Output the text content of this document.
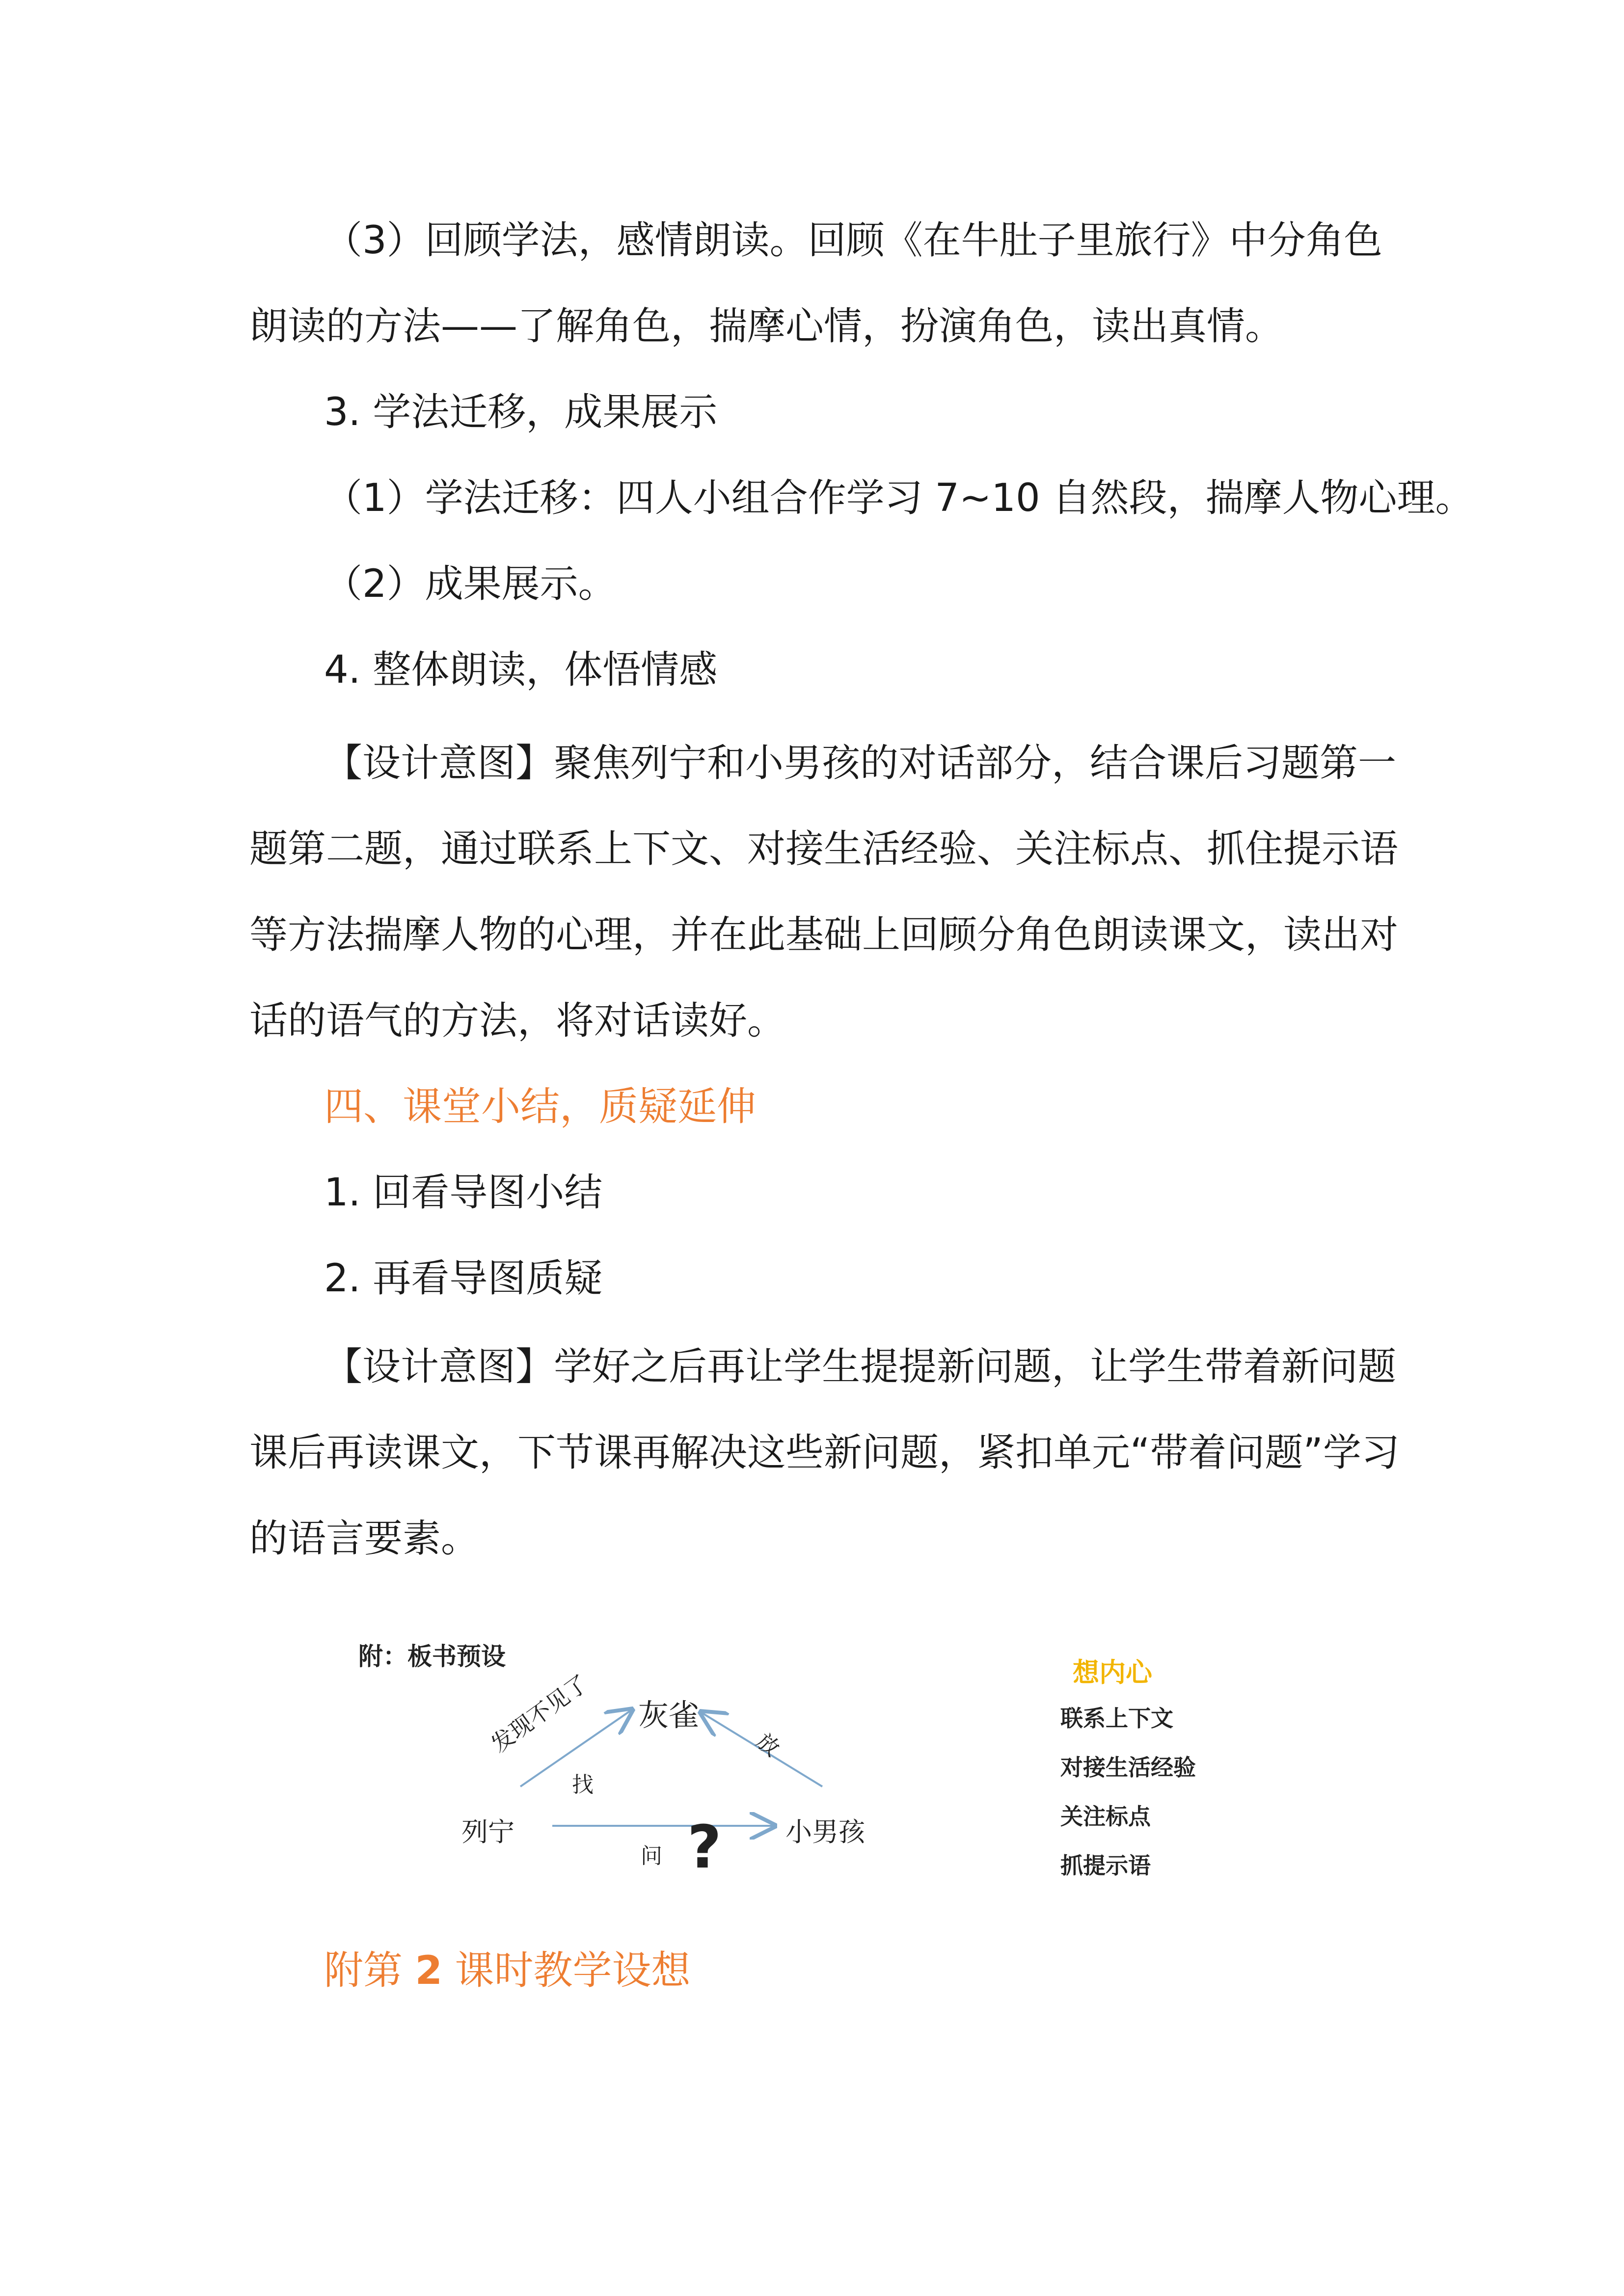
（3）回顾学法，感情朗读。回顾《在牛肚子里旅行》中分角色
朗读的方法——了解角色，揣摩心情，扮演角色，读出真情。
3. 学法迁移，成果展示
（1）学法迁移：四人小组合作学习 7~10 自然段，揣摩人物心理。
（2）成果展示。
4. 整体朗读，体悟情感
【设计意图】聚焦列宁和小男孩的对话部分，结合课后习题第一
题第二题，通过联系上下文、对接生活经验、关注标点、抓住提示语
等方法揣摩人物的心理，并在此基础上回顾分角色朗读课文，读出对
话的语气的方法，将对话读好。
四、课堂小结，质疑延伸
1. 回看导图小结
2. 再看导图质疑
【设计意图】学好之后再让学生提提新问题，让学生带着新问题
课后再读课文，下节课再解决这些新问题，紧扣单元“带着问题”学习
的语言要素。
附：板书预设
灰雀
列宁	小男孩
发现不见了
找
放
问 ?
想内心
联系上下文
对接生活经验
关注标点
抓提示语
附第 2 课时教学设想
